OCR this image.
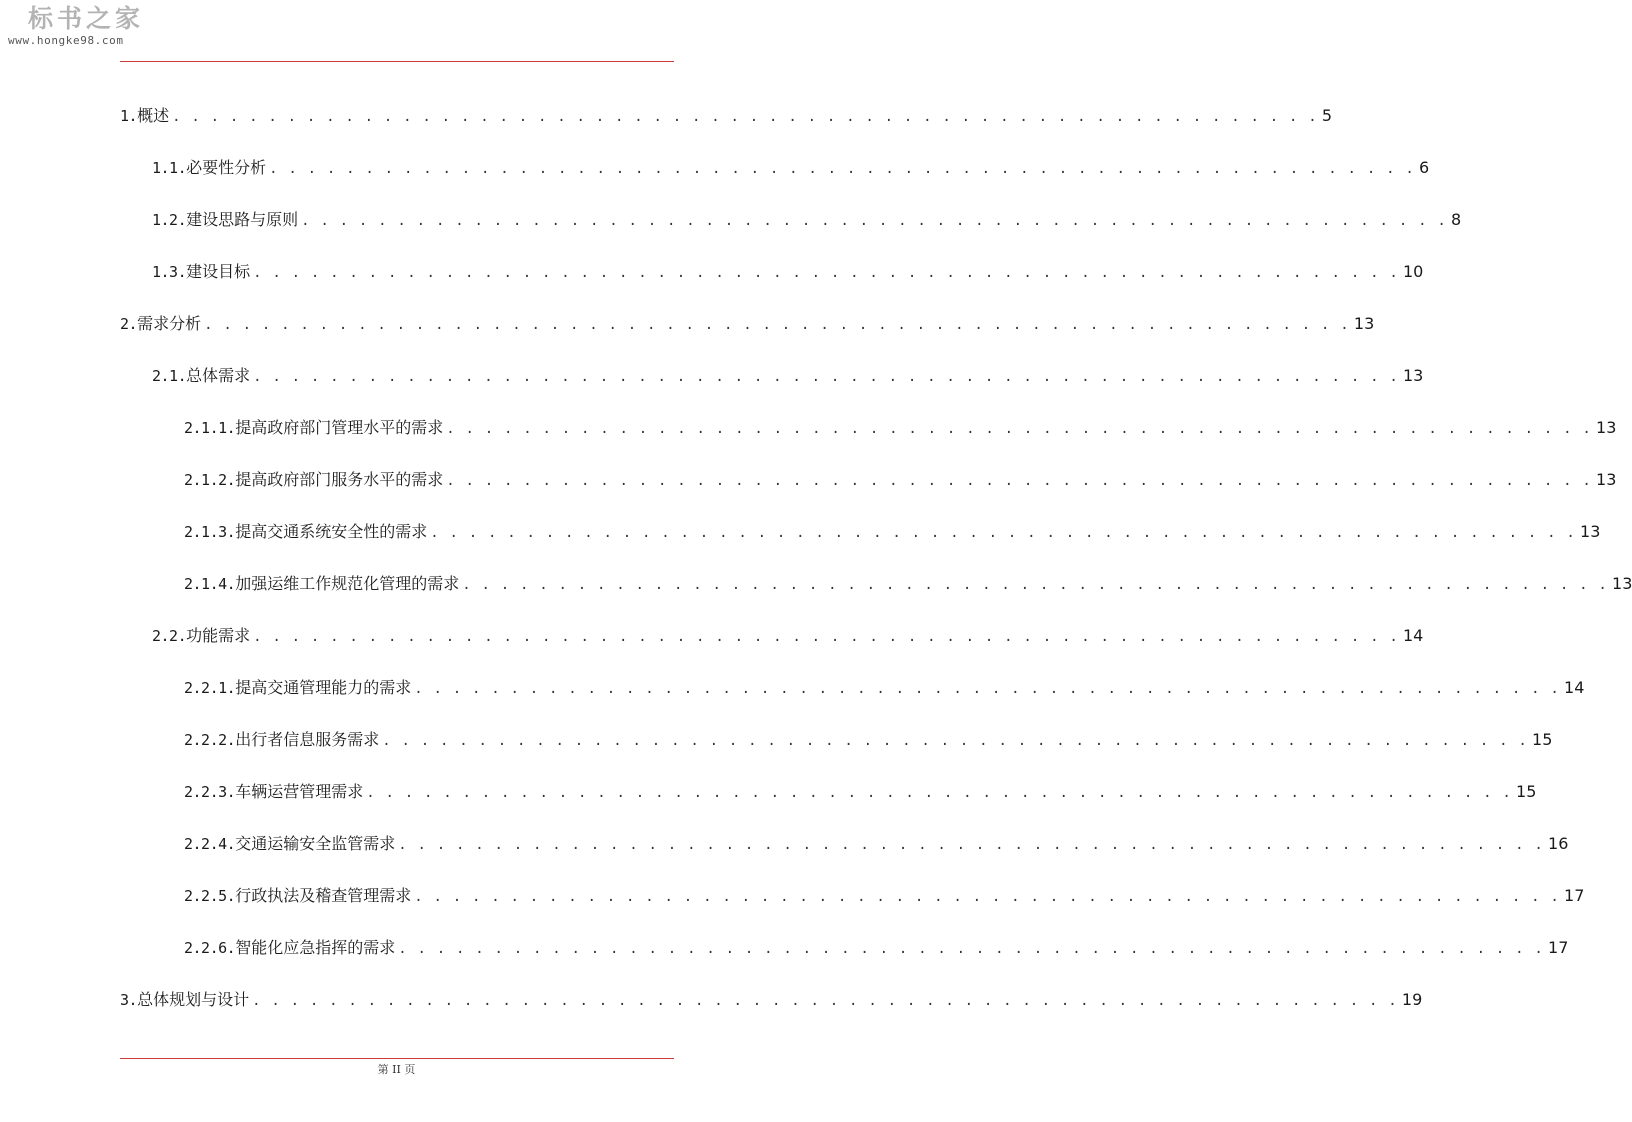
标书之家
www.hongke98.com
1. 概述 . . . . . . . . . . . . . . . . . . . . . . . . . . . . . . . . . . . . . . . . . . . . . . . . . . . . . . . . . . . . 5
1.1. 必要性分析 . . . . . . . . . . . . . . . . . . . . . . . . . . . . . . . . . . . . . . . . . . . . . . . . . . . . . . . . . . . . 6
1.2. 建设思路与原则 . . . . . . . . . . . . . . . . . . . . . . . . . . . . . . . . . . . . . . . . . . . . . . . . . . . . . . . . . . . . 8
1.3. 建设目标 . . . . . . . . . . . . . . . . . . . . . . . . . . . . . . . . . . . . . . . . . . . . . . . . . . . . . . . . . . . . 10
2. 需求分析 . . . . . . . . . . . . . . . . . . . . . . . . . . . . . . . . . . . . . . . . . . . . . . . . . . . . . . . . . . . . 13
2.1. 总体需求 . . . . . . . . . . . . . . . . . . . . . . . . . . . . . . . . . . . . . . . . . . . . . . . . . . . . . . . . . . . . 13
2.1.1. 提高政府部门管理水平的需求 . . . . . . . . . . . . . . . . . . . . . . . . . . . . . . . . . . . . . . . . . . . . . . . . . . . . . . . . . . . . 13
2.1.2. 提高政府部门服务水平的需求 . . . . . . . . . . . . . . . . . . . . . . . . . . . . . . . . . . . . . . . . . . . . . . . . . . . . . . . . . . . . 13
2.1.3. 提高交通系统安全性的需求 . . . . . . . . . . . . . . . . . . . . . . . . . . . . . . . . . . . . . . . . . . . . . . . . . . . . . . . . . . . . 13
2.1.4. 加强运维工作规范化管理的需求 . . . . . . . . . . . . . . . . . . . . . . . . . . . . . . . . . . . . . . . . . . . . . . . . . . . . . . . . . . . . 13
2.2. 功能需求 . . . . . . . . . . . . . . . . . . . . . . . . . . . . . . . . . . . . . . . . . . . . . . . . . . . . . . . . . . . . 14
2.2.1. 提高交通管理能力的需求 . . . . . . . . . . . . . . . . . . . . . . . . . . . . . . . . . . . . . . . . . . . . . . . . . . . . . . . . . . . . 14
2.2.2. 出行者信息服务需求 . . . . . . . . . . . . . . . . . . . . . . . . . . . . . . . . . . . . . . . . . . . . . . . . . . . . . . . . . . . . 15
2.2.3. 车辆运营管理需求 . . . . . . . . . . . . . . . . . . . . . . . . . . . . . . . . . . . . . . . . . . . . . . . . . . . . . . . . . . . . 15
2.2.4. 交通运输安全监管需求 . . . . . . . . . . . . . . . . . . . . . . . . . . . . . . . . . . . . . . . . . . . . . . . . . . . . . . . . . . . . 16
2.2.5. 行政执法及稽查管理需求 . . . . . . . . . . . . . . . . . . . . . . . . . . . . . . . . . . . . . . . . . . . . . . . . . . . . . . . . . . . . 17
2.2.6. 智能化应急指挥的需求 . . . . . . . . . . . . . . . . . . . . . . . . . . . . . . . . . . . . . . . . . . . . . . . . . . . . . . . . . . . . 17
3. 总体规划与设计 . . . . . . . . . . . . . . . . . . . . . . . . . . . . . . . . . . . . . . . . . . . . . . . . . . . . . . . . . . . . 19
第 II 页
